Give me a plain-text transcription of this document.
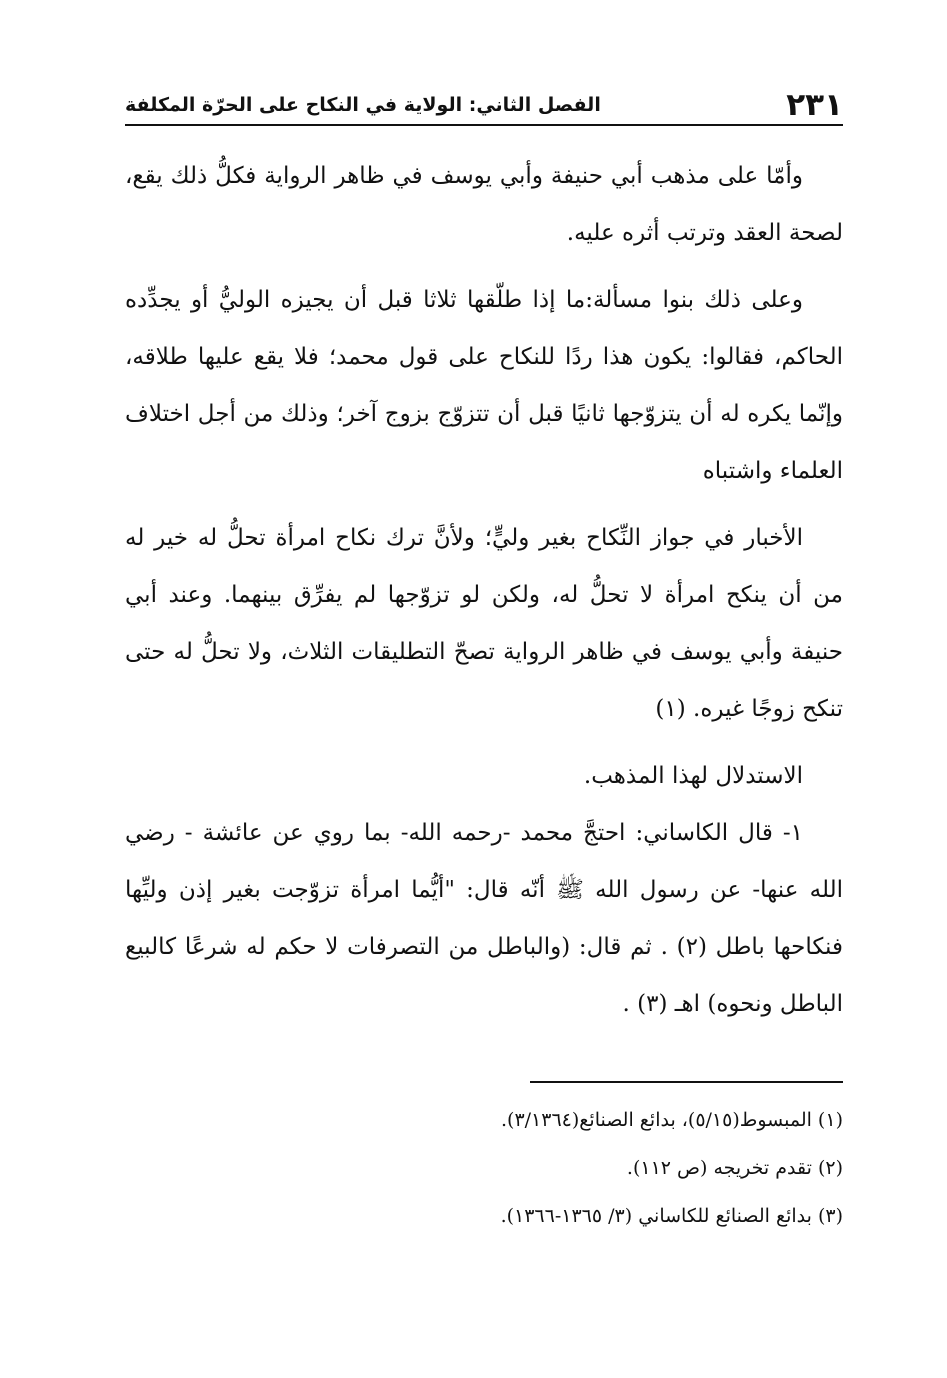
٢٣١
الفصل الثاني: الولاية في النكاح على الحرّة المكلفة

وأمّا على مذهب أبي حنيفة وأبي يوسف في ظاهر الرواية فكلُّ ذلك يقع، لصحة العقد وترتب أثره عليه.

وعلى ذلك بنوا مسألة:ما إذا طلّقها ثلاثا قبل أن يجيزه الوليُّ أو يجدِّده الحاكم، فقالوا: يكون هذا ردًا للنكاح على قول محمد؛ فلا يقع عليها طلاقه، وإنّما يكره له أن يتزوّجها ثانيًا قبل أن تتزوّج بزوج آخر؛ وذلك من أجل اختلاف العلماء واشتباه

الأخبار في جواز النِّكاح بغير وليٍّ؛ ولأنَّ ترك نكاح امرأة تحلُّ له خير له من أن ينكح امرأة لا تحلُّ له، ولكن لو تزوّجها لم يفرِّق بينهما. وعند أبي حنيفة وأبي يوسف في ظاهر الرواية تصحّ التطليقات الثلاث، ولا تحلُّ له حتى تنكح زوجًا غيره. (١)

الاستدلال لهذا المذهب.

١- قال الكاساني: احتجَّ محمد -رحمه الله- بما روي عن عائشة - رضي الله عنها- عن رسول الله ﷺ أنّه قال: "أيُّما امرأة تزوّجت بغير إذن وليِّها فنكاحها باطل (٢) . ثم قال: (والباطل من التصرفات لا حكم له شرعًا كالبيع الباطل ونحوه) اهـ (٣) .

(١) المبسوط(٥/١٥)، بدائع الصنائع(٣/١٣٦٤).

(٢) تقدم تخريجه (ص ١١٢).

(٣) بدائع الصنائع للكاساني (٣/ ١٣٦٥-١٣٦٦).
